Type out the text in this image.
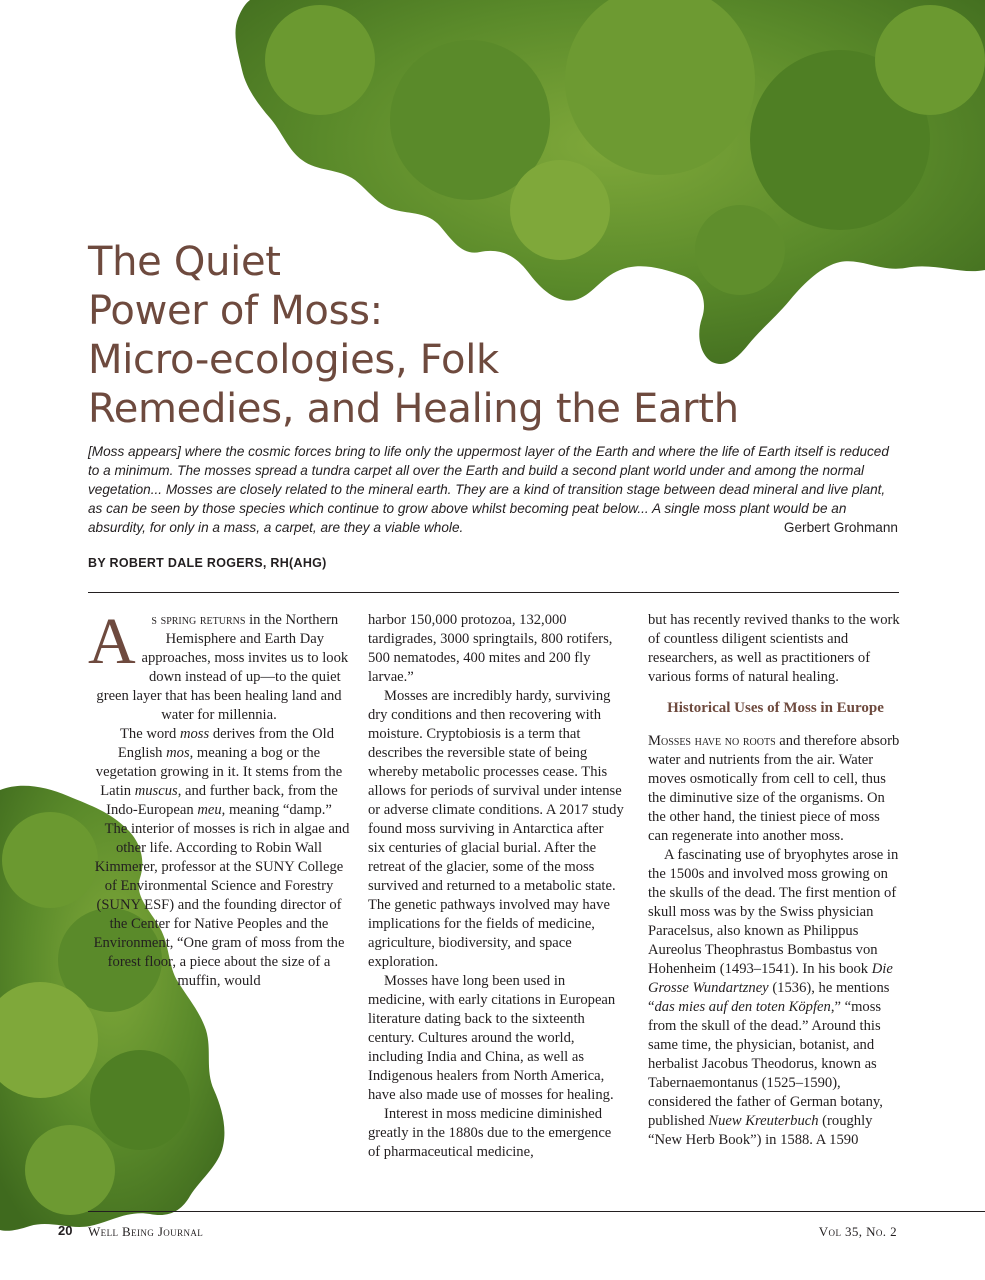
The Quiet
Power of Moss:
Micro-ecologies, Folk
Remedies, and Healing the Earth

[Moss appears] where the cosmic forces bring to life only the uppermost layer of the Earth and where the life of Earth itself is reduced to a minimum. The mosses spread a tundra carpet all over the Earth and build a second plant world under and among the normal vegetation... Mosses are closely related to the mineral earth. They are a kind of transition stage between dead mineral and live plant, as can be seen by those species which continue to grow above whilst becoming peat below... A single moss plant would be an absurdity, for only in a mass, a carpet, are they a viable whole.	Gerbert Grohmann

BY ROBERT DALE ROGERS, RH(AHG)

A s spring returns in the Northern Hemisphere and Earth Day approaches, moss invites us to look down instead of up—to the quiet green layer that has been healing land and water for millennia.

The word moss derives from the Old English mos, meaning a bog or the vegetation growing in it. It stems from the Latin muscus, and further back, from the Indo-European meu, meaning “damp.”

The interior of mosses is rich in algae and other life. According to Robin Wall Kimmerer, professor at the SUNY College of Environmental Science and Forestry (SUNY ESF) and the founding director of the Center for Native Peoples and the Environment, “One gram of moss from the forest floor, a piece about the size of a muffin, would

harbor 150,000 protozoa, 132,000 tardigrades, 3000 springtails, 800 rotifers, 500 nematodes, 400 mites and 200 fly larvae.”

Mosses are incredibly hardy, surviving dry conditions and then recovering with moisture. Cryptobiosis is a term that describes the reversible state of being whereby metabolic processes cease. This allows for periods of survival under intense or adverse climate conditions. A 2017 study found moss surviving in Antarctica after six centuries of glacial burial. After the retreat of the glacier, some of the moss survived and returned to a metabolic state. The genetic pathways involved may have implications for the fields of medicine, agriculture, biodiversity, and space exploration.

Mosses have long been used in medicine, with early citations in European literature dating back to the sixteenth century. Cultures around the world, including India and China, as well as Indigenous healers from North America, have also made use of mosses for healing.

Interest in moss medicine diminished greatly in the 1880s due to the emergence of pharmaceutical medicine,

but has recently revived thanks to the work of countless diligent scientists and researchers, as well as practitioners of various forms of natural healing.

Historical Uses of Moss in Europe

Mosses have no roots and therefore absorb water and nutrients from the air. Water moves osmotically from cell to cell, thus the diminutive size of the organisms. On the other hand, the tiniest piece of moss can regenerate into another moss.

A fascinating use of bryophytes arose in the 1500s and involved moss growing on the skulls of the dead. The first mention of skull moss was by the Swiss physician Paracelsus, also known as Philippus Aureolus Theophrastus Bombastus von Hohenheim (1493–1541). In his book Die Grosse Wundartzney (1536), he mentions “das mies auf den toten Köpfen,” “moss from the skull of the dead.” Around this same time, the physician, botanist, and herbalist Jacobus Theodorus, known as Tabernaemontanus (1525–1590), considered the father of German botany, published Nuew Kreuterbuch (roughly “New Herb Book”) in 1588. A 1590

20 Well Being Journal	Vol 35, No. 2
